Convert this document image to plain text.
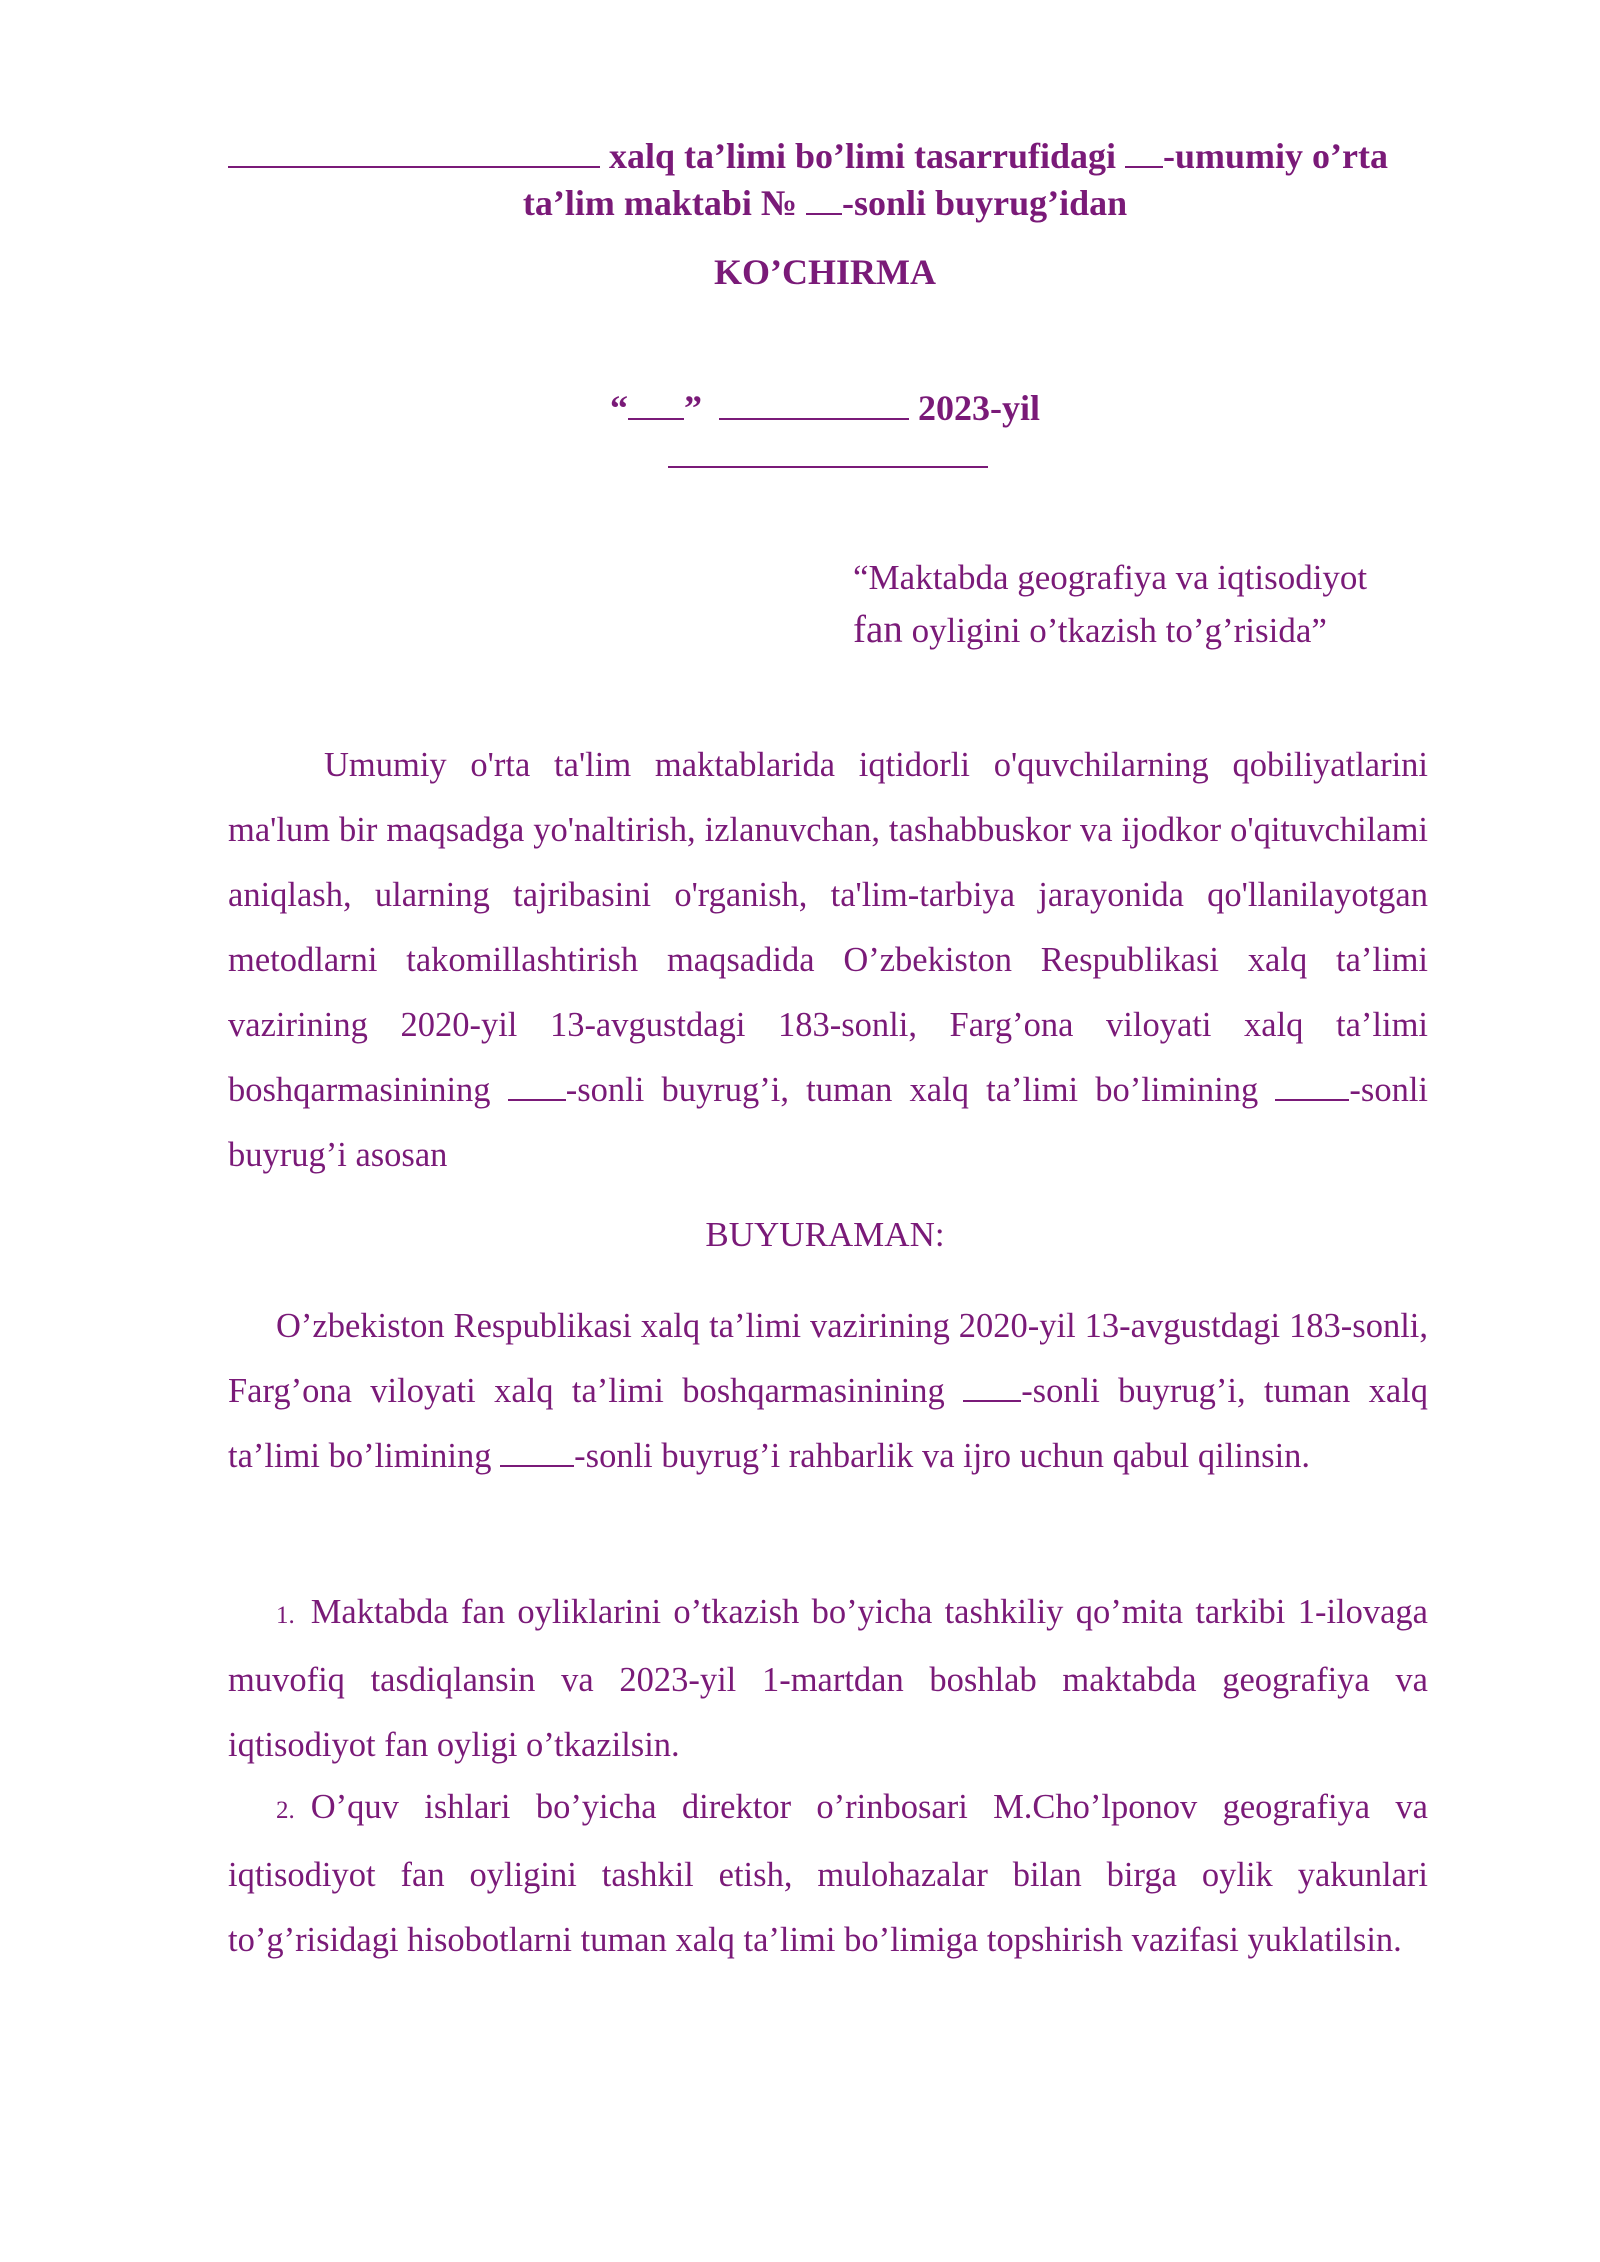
xalq ta’limi bo’limi tasarrufidagi -umumiy o’rta
ta’lim maktabi № -sonli buyrug’idan
KO’CHIRMA
“ ”	2023-yil
“Maktabda geografiya va iqtisodiyot
fan oyligini o’tkazish to’g’risida”
Umumiy o'rta ta'lim maktablarida iqtidorli o'quvchilarning qobiliyatlarini ma'lum bir maqsadga yo'naltirish, izlanuvchan, tashabbuskor va ijodkor o'qituvchilami aniqlash, ularning tajribasini o'rganish, ta'lim-tarbiya jarayonida qo'llanilayotgan metodlarni takomillashtirish maqsadida O’zbekiston Respublikasi xalq ta’limi vazirining 2020-yil 13-avgustdagi 183-sonli, Farg’ona viloyati xalq ta’limi boshqarmasinining -sonli buyrug’i, tuman xalq ta’limi bo’limining -sonli buyrug’i asosan
BUYURAMAN:
O’zbekiston Respublikasi xalq ta’limi vazirining 2020-yil 13-avgustdagi 183-sonli, Farg’ona viloyati xalq ta’limi boshqarmasinining -sonli buyrug’i, tuman xalq ta’limi bo’limining -sonli buyrug’i rahbarlik va ijro uchun qabul qilinsin.
1. Maktabda fan oyliklarini o’tkazish bo’yicha tashkiliy qo’mita tarkibi 1-ilovaga muvofiq tasdiqlansin va 2023-yil 1-martdan boshlab maktabda geografiya va iqtisodiyot fan oyligi o’tkazilsin.
2. O’quv ishlari bo’yicha direktor o’rinbosari M.Cho’lponov geografiya va iqtisodiyot fan oyligini tashkil etish, mulohazalar bilan birga oylik yakunlari to’g’risidagi hisobotlarni tuman xalq ta’limi bo’limiga topshirish vazifasi yuklatilsin.
